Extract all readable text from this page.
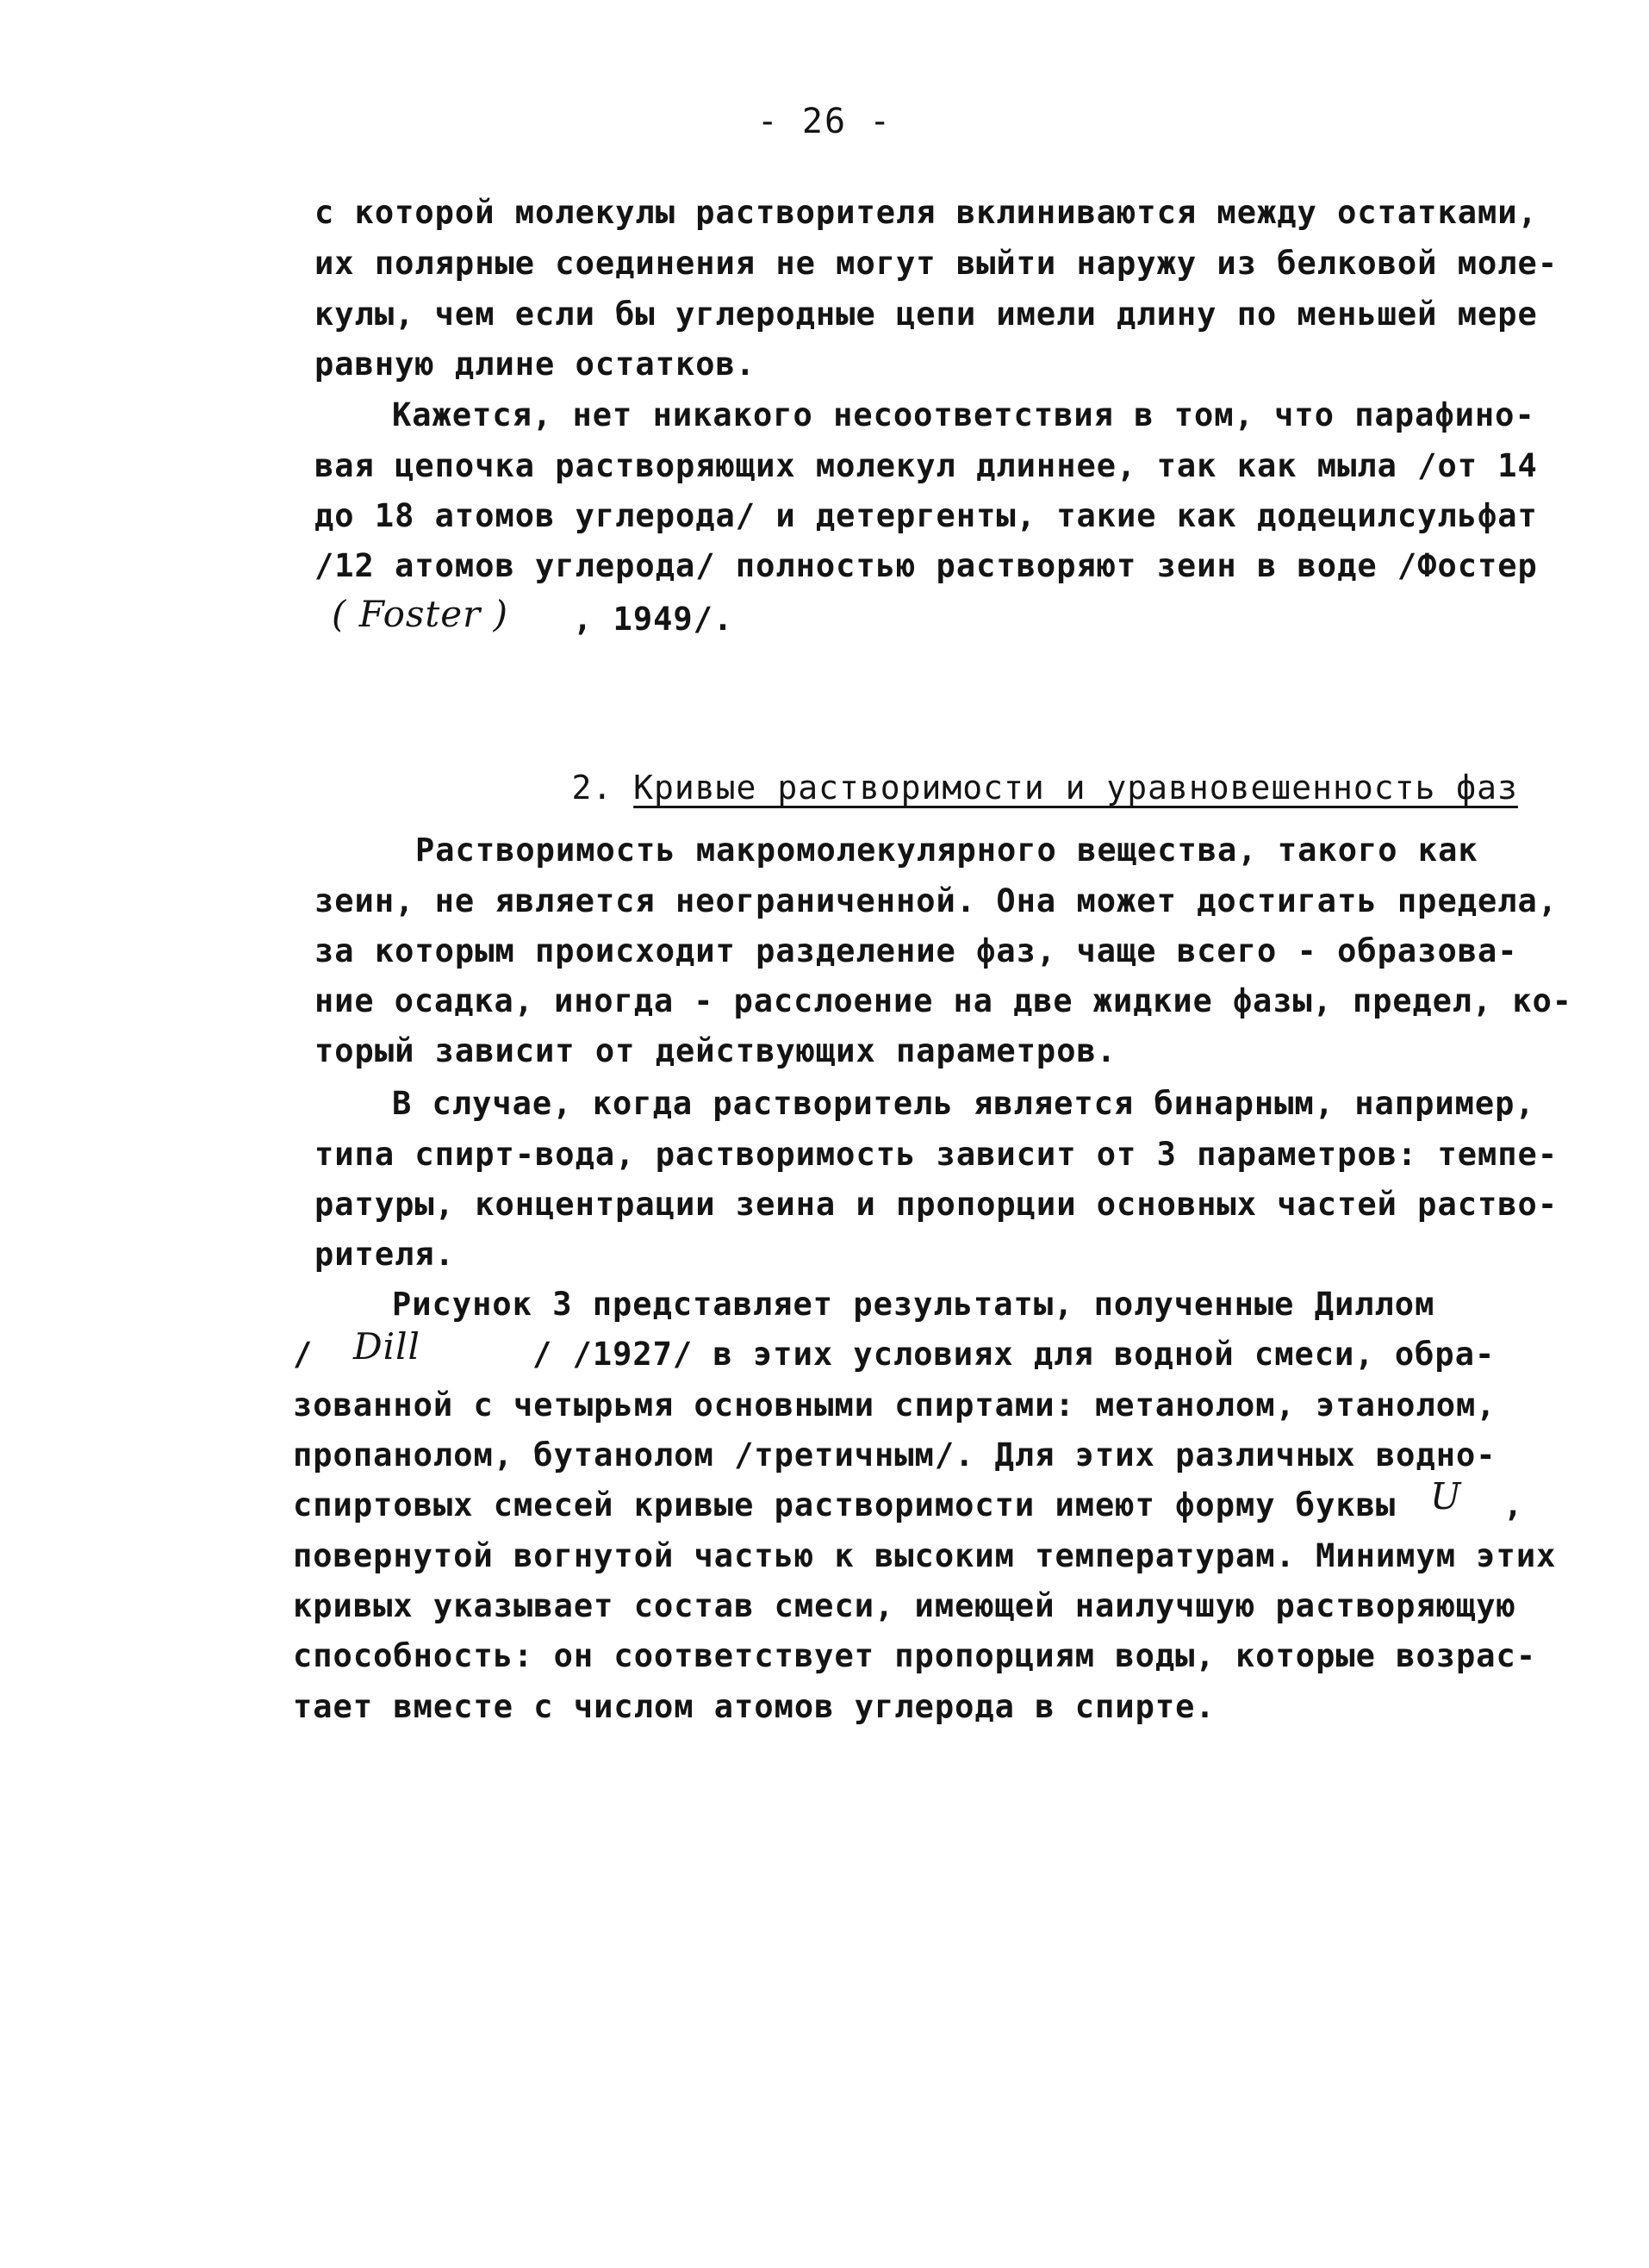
- 26 -
с которой молекулы растворителя вклиниваются между остатками,
их полярные соединения не могут выйти наружу из белковой моле-
кулы, чем если бы углеродные цепи имели длину по меньшей мере
равную длине остатков.
Кажется, нет никакого несоответствия в том, что парафино-
вая цепочка растворяющих молекул длиннее, так как мыла /от 14
до 18 атомов углерода/ и детергенты, такие как додецилсульфат
/12 атомов углерода/ полностью растворяют зеин в воде /Фостер
( Foster ) , 1949/.

2. Кривые растворимости и уравновешенность фаз

Растворимость макромолекулярного вещества, такого как
зеин, не является неограниченной. Она может достигать предела,
за которым происходит разделение фаз, чаще всего - образова-
ние осадка, иногда - расслоение на две жидкие фазы, предел, ко-
торый зависит от действующих параметров.
В случае, когда растворитель является бинарным, например,
типа спирт-вода, растворимость зависит от 3 параметров: темпе-
ратуры, концентрации зеина и пропорции основных частей раство-
рителя.
Рисунок 3 представляет результаты, полученные Диллом
/ Dill	/ /1927/ в этих условиях для водной смеси, обра-
зованной с четырьмя основными спиртами: метанолом, этанолом,
пропанолом, бутанолом /третичным/. Для этих различных водно-
спиртовых смесей кривые растворимости имеют форму буквы U ,
повернутой вогнутой частью к высоким температурам. Минимум этих
кривых указывает состав смеси, имеющей наилучшую растворяющую
способность: он соответствует пропорциям воды, которые возрас-
тает вместе с числом атомов углерода в спирте.
